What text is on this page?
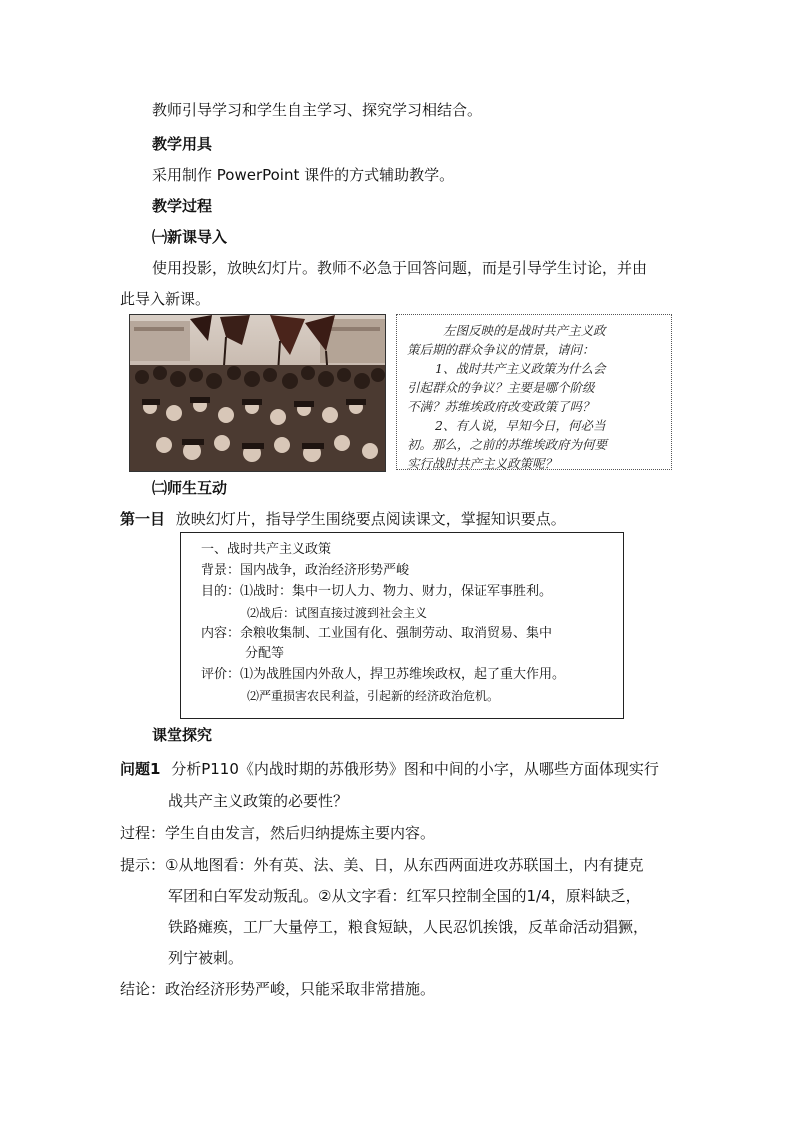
教师引导学习和学生自主学习、探究学习相结合。
教学用具
采用制作 PowerPoint 课件的方式辅助教学。
教学过程
㈠新课导入
使用投影，放映幻灯片。教师不必急于回答问题，而是引导学生讨论，并由
此导入新课。
左图反映的是战时共产主义政
策后期的群众争议的情景，请问：
1、战时共产主义政策为什么会
引起群众的争议？主要是哪个阶级
不满？苏维埃政府改变政策了吗？
2、有人说，早知今日，何必当
初。那么，之前的苏维埃政府为何要
实行战时共产主义政策呢？
㈡师生互动
第一目 放映幻灯片，指导学生围绕要点阅读课文，掌握知识要点。
一、战时共产主义政策
背景：国内战争，政治经济形势严峻
目的：⑴战时：集中一切人力、物力、财力，保证军事胜利。
⑵战后：试图直接过渡到社会主义
内容：余粮收集制、工业国有化、强制劳动、取消贸易、集中
分配等
评价：⑴为战胜国内外敌人，捍卫苏维埃政权，起了重大作用。
⑵严重损害农民利益，引起新的经济政治危机。
课堂探究
问题1 分析P110《内战时期的苏俄形势》图和中间的小字，从哪些方面体现实行
战共产主义政策的必要性？
过程：学生自由发言，然后归纳提炼主要内容。
提示：①从地图看：外有英、法、美、日，从东西两面进攻苏联国土，内有捷克
军团和白军发动叛乱。②从文字看：红军只控制全国的1/4，原料缺乏，
铁路瘫痪，工厂大量停工，粮食短缺，人民忍饥挨饿，反革命活动猖獗，
列宁被刺。
结论：政治经济形势严峻，只能采取非常措施。
